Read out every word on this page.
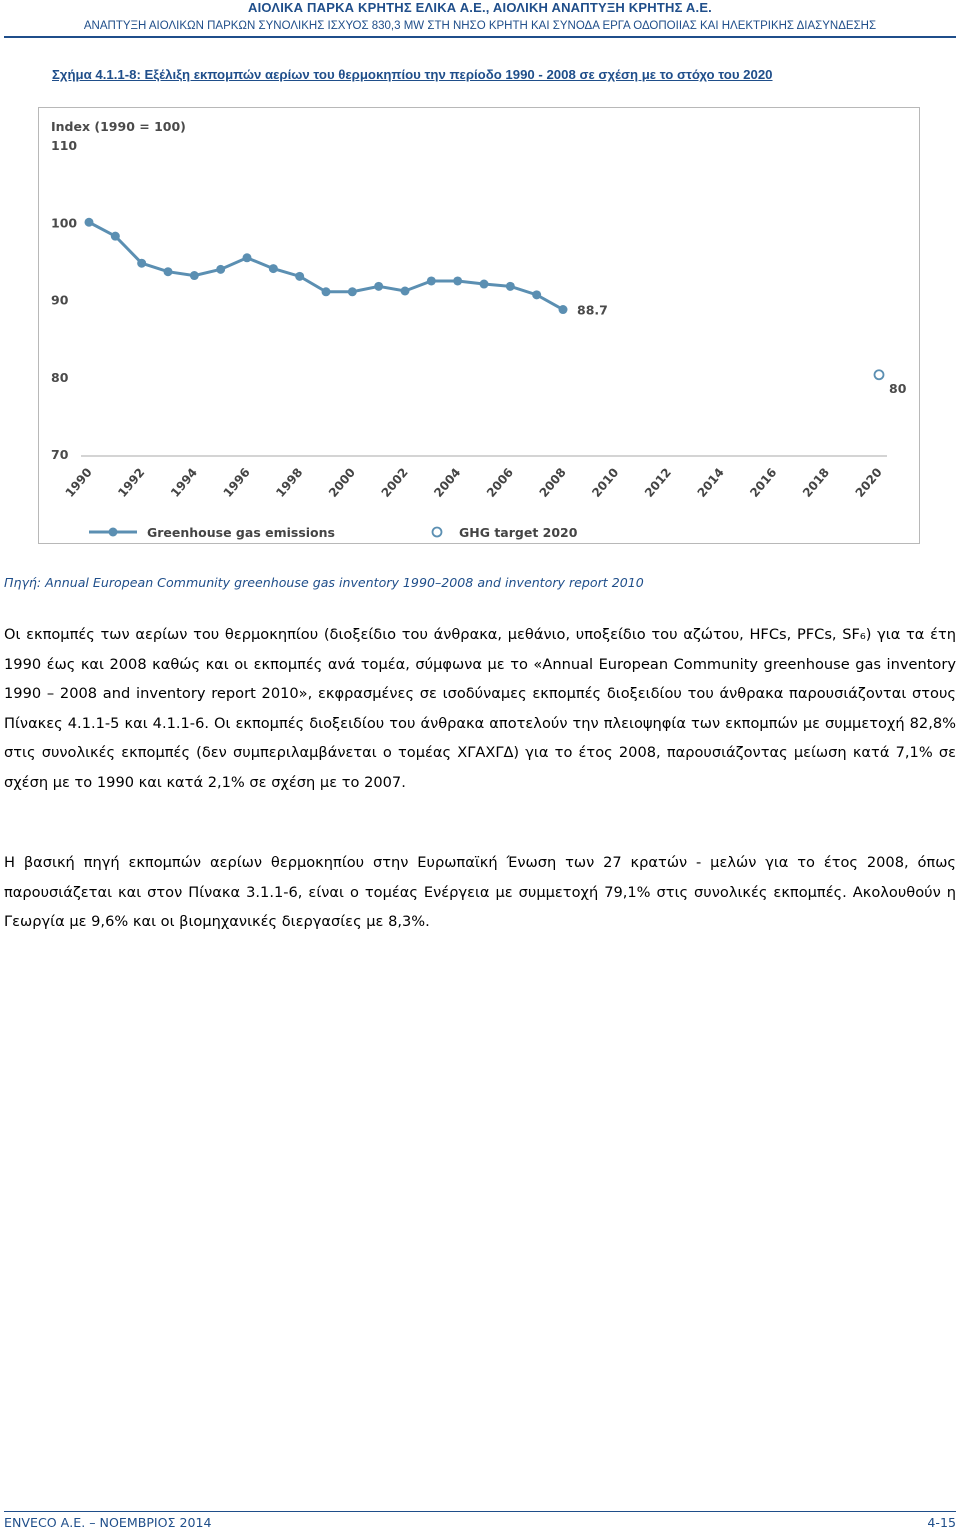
ΑΙΟΛΙΚΑ ΠΑΡΚΑ ΚΡΗΤΗΣ ΕΛΙΚΑ Α.Ε., ΑΙΟΛΙΚΗ ΑΝΑΠΤΥΞΗ ΚΡΗΤΗΣ Α.Ε.
ΑΝΑΠΤΥΞΗ ΑΙΟΛΙΚΩΝ ΠΑΡΚΩΝ ΣΥΝΟΛΙΚΗΣ ΙΣΧΥΟΣ 830,3 MW ΣΤΗ ΝΗΣΟ ΚΡΗΤΗ ΚΑΙ ΣΥΝΟΔΑ ΕΡΓΑ ΟΔΟΠΟΙΙΑΣ ΚΑΙ ΗΛΕΚΤΡΙΚΗΣ ΔΙΑΣΥΝΔΕΣΗΣ
Σχήμα 4.1.1-8: Εξέλιξη εκπομπών αερίων του θερμοκηπίου την περίοδο 1990 - 2008 σε σχέση με το στόχο του 2020
Index (1990 = 100)
110
100
90
80
70
1990 1992 1994 1996 1998 2000 2002 2004 2006 2008 2010 2012 2014 2016 2018 2020
88.7
80
Greenhouse gas emissions	GHG target 2020
Πηγή: Annual European Community greenhouse gas inventory 1990–2008 and inventory report 2010
Οι εκπομπές των αερίων του θερμοκηπίου (διοξείδιο του άνθρακα, μεθάνιο, υποξείδιο του αζώτου, HFCs, PFCs, SF₆) για τα έτη 1990 έως και 2008 καθώς και οι εκπομπές ανά τομέα, σύμφωνα με το «Annual European Community greenhouse gas inventory 1990 – 2008 and inventory report 2010», εκφρασμένες σε ισοδύναμες εκπομπές διοξειδίου του άνθρακα παρουσιάζονται στους Πίνακες 4.1.1-5 και 4.1.1-6. Οι εκπομπές διοξειδίου του άνθρακα αποτελούν την πλειοψηφία των εκπομπών με συμμετοχή 82,8% στις συνολικές εκπομπές (δεν συμπεριλαμβάνεται ο τομέας ΧΓΑΧΓΔ) για το έτος 2008, παρουσιάζοντας μείωση κατά 7,1% σε σχέση με το 1990 και κατά 2,1% σε σχέση με το 2007.
Η βασική πηγή εκπομπών αερίων θερμοκηπίου στην Ευρωπαϊκή Ένωση των 27 κρατών - μελών για το έτος 2008, όπως παρουσιάζεται και στον Πίνακα 3.1.1-6, είναι ο τομέας Ενέργεια με συμμετοχή 79,1% στις συνολικές εκπομπές. Ακολουθούν η Γεωργία με 9,6% και οι βιομηχανικές διεργασίες με 8,3%.
ENVECO Α.Ε. – ΝΟΕΜΒΡΙΟΣ 2014	4-15
